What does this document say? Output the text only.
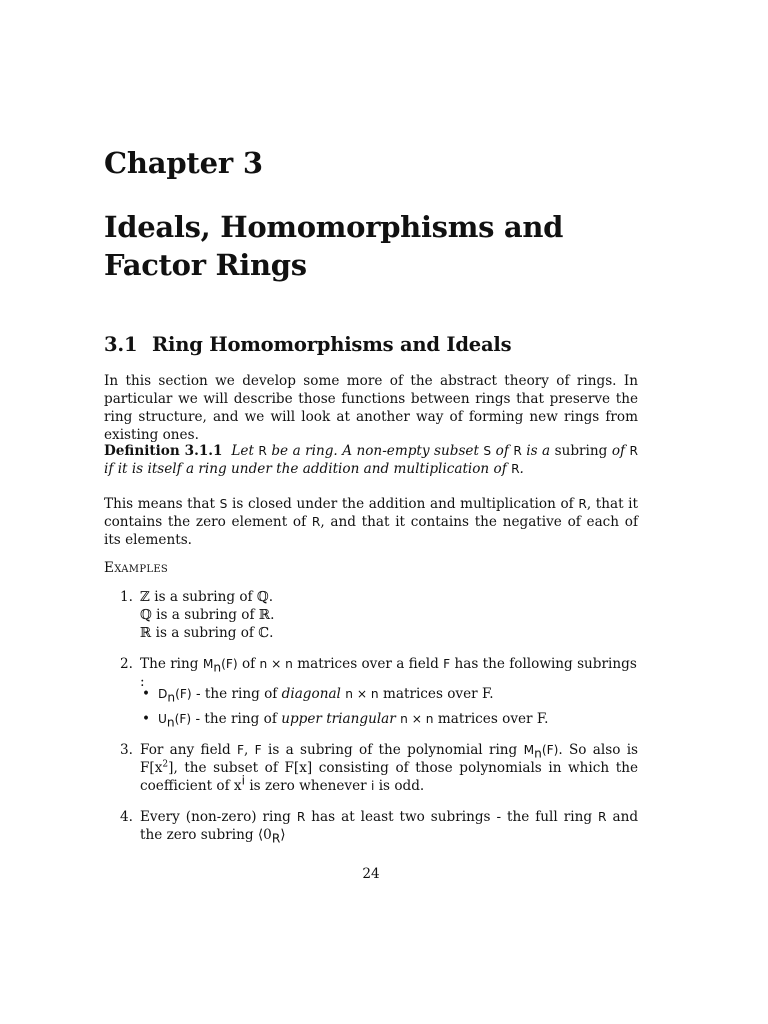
Chapter 3
Ideals, Homomorphisms and Factor Rings
3.1 Ring Homomorphisms and Ideals

In this section we develop some more of the abstract theory of rings. In particular we will describe those functions between rings that preserve the ring structure, and we will look at another way of forming new rings from existing ones.

Definition 3.1.1 Let R be a ring. A non-empty subset S of R is a subring of R if it is itself a ring under the addition and multiplication of R.

This means that S is closed under the addition and multiplication of R, that it contains the zero element of R, and that it contains the negative of each of its elements.

Examples
1. ℤ is a subring of ℚ.
ℚ is a subring of ℝ.
ℝ is a subring of ℂ.
2. The ring $M_n(F)$ of n × n matrices over a field F has the following subrings :
• $D_n(F)$ - the ring of diagonal n × n matrices over F.
• $U_n(F)$ - the ring of upper triangular n × n matrices over F.
3. For any field F, F is a subring of the polynomial ring $M_n(F)$. So also is $F[x^2]$, the subset of F[x] consisting of those polynomials in which the coefficient of $x^i$ is zero whenever i is odd.
4. Every (non-zero) ring R has at least two subrings - the full ring R and the zero subring $⟨0_R⟩$
24
